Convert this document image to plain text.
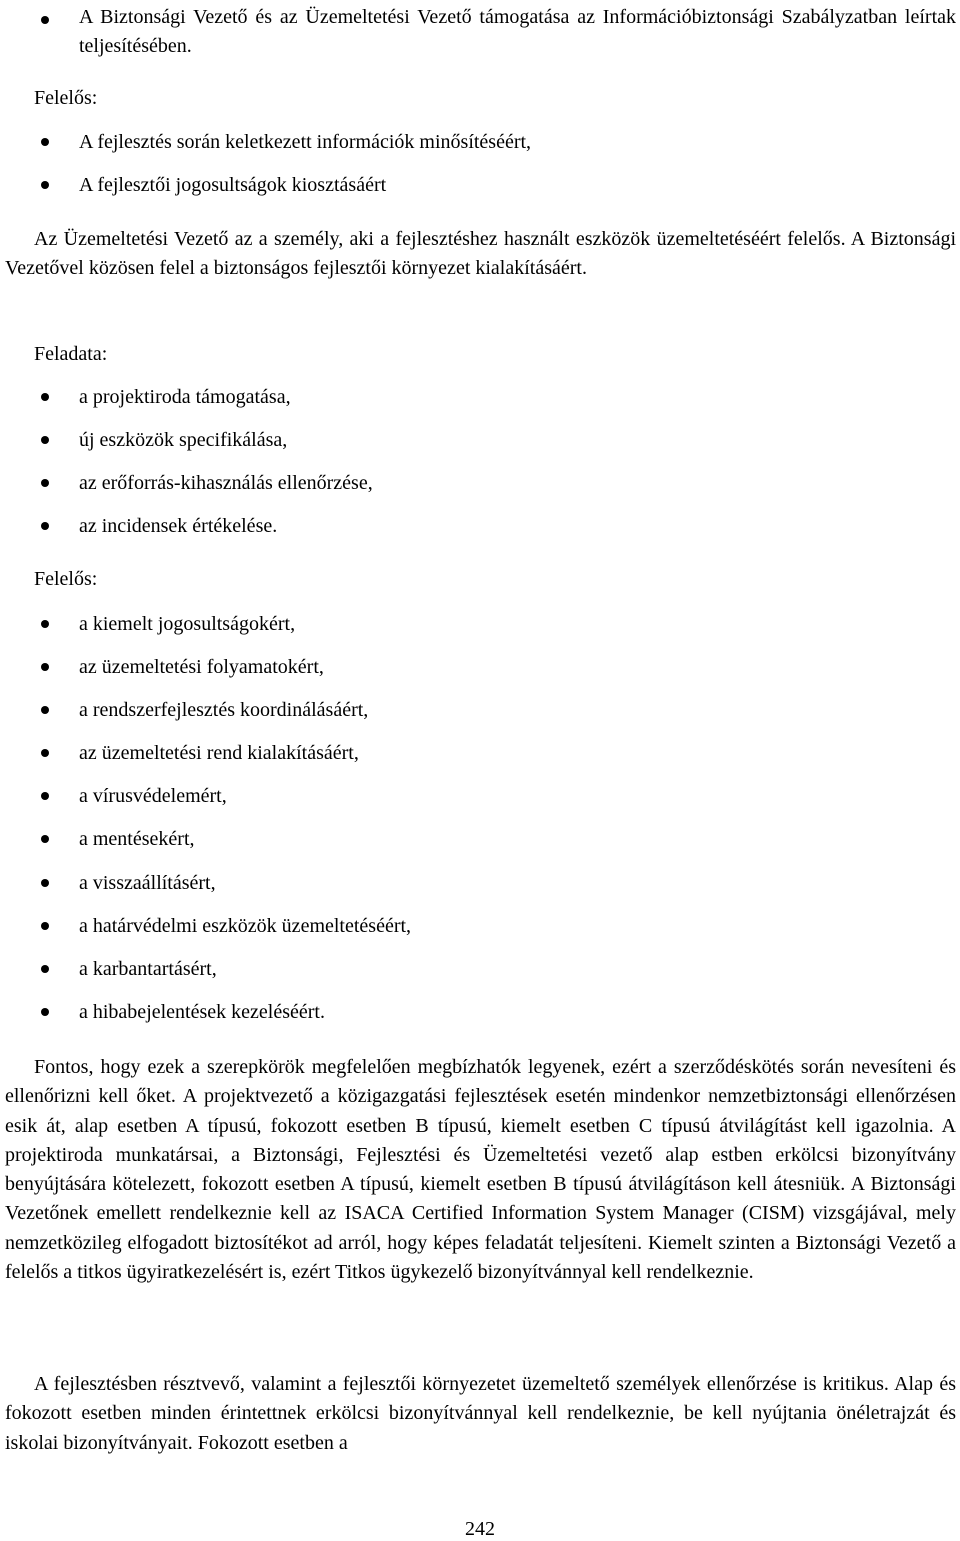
A Biztonsági Vezető és az Üzemeltetési Vezető támogatása az Információbiztonsági Szabályzatban leírtak teljesítésében.

Felelős:

A fejlesztés során keletkezett információk minősítéséért,
A fejlesztői jogosultságok kiosztásáért

Az Üzemeltetési Vezető az a személy, aki a fejlesztéshez használt eszközök üzemeltetéséért felelős. A Biztonsági Vezetővel közösen felel a biztonságos fejlesztői környezet kialakításáért.

Feladata:

a projektiroda támogatása,
új eszközök specifikálása,
az erőforrás-kihasználás ellenőrzése,
az incidensek értékelése.

Felelős:

a kiemelt jogosultságokért,
az üzemeltetési folyamatokért,
a rendszerfejlesztés koordinálásáért,
az üzemeltetési rend kialakításáért,
a vírusvédelemért,
a mentésekért,
a visszaállításért,
a határvédelmi eszközök üzemeltetéséért,
a karbantartásért,
a hibabejelentések kezeléséért.

Fontos, hogy ezek a szerepkörök megfelelően megbízhatók legyenek, ezért a szerződéskötés során nevesíteni és ellenőrizni kell őket. A projektvezető a közigazgatási fejlesztések esetén mindenkor nemzetbiztonsági ellenőrzésen esik át, alap esetben A típusú, fokozott esetben B típusú, kiemelt esetben C típusú átvilágítást kell igazolnia. A projektiroda munkatársai, a Biztonsági, Fejlesztési és Üzemeltetési vezető alap estben erkölcsi bizonyítvány benyújtására kötelezett, fokozott esetben A típusú, kiemelt esetben B típusú átvilágításon kell átesniük. A Biztonsági Vezetőnek emellett rendelkeznie kell az ISACA Certified Information System Manager (CISM) vizsgájával, mely nemzetközileg elfogadott biztosítékot ad arról, hogy képes feladatát teljesíteni. Kiemelt szinten a Biztonsági Vezető a felelős a titkos ügyiratkezelésért is, ezért Titkos ügykezelő bizonyítvánnyal kell rendelkeznie.

A fejlesztésben résztvevő, valamint a fejlesztői környezetet üzemeltető személyek ellenőrzése is kritikus. Alap és fokozott esetben minden érintettnek erkölcsi bizonyítvánnyal kell rendelkeznie, be kell nyújtania önéletrajzát és iskolai bizonyítványait. Fokozott esetben a

242
